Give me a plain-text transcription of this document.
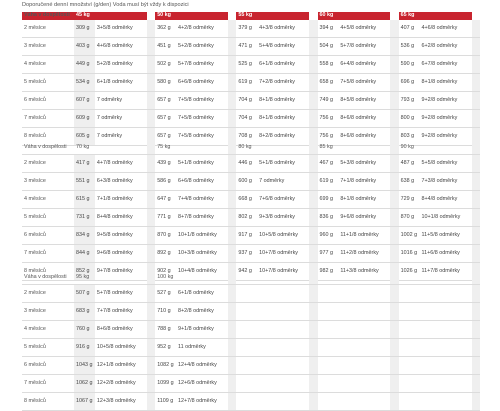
Doporučené denní množství (g/den) Voda musí být vždy k dispozici
Váha v dospělosti	45 kg			50 kg			55 kg			60 kg			65 kg		
2 měsíce	309 g	3+5/8 odměrky		362 g	4+2/8 odměrky		379 g	4+3/8 odměrky		394 g	4+5/8 odměrky		407 g	4+6/8 odměrky	
3 měsíce	403 g	4+6/8 odměrky		451 g	5+2/8 odměrky		471 g	5+4/8 odměrky		504 g	5+7/8 odměrky		536 g	6+2/8 odměrky	
4 měsíce	449 g	5+2/8 odměrky		502 g	5+7/8 odměrky		525 g	6+1/8 odměrky		558 g	6+4/8 odměrky		590 g	6+7/8 odměrky	
5 měsíců	534 g	6+1/8 odměrky		580 g	6+6/8 odměrky		619 g	7+2/8 odměrky		658 g	7+5/8 odměrky		696 g	8+1/8 odměrky	
6 měsíců	607 g	7 odměrky		657 g	7+5/8 odměrky		704 g	8+1/8 odměrky		749 g	8+5/8 odměrky		793 g	9+2/8 odměrky	
7 měsíců	609 g	7 odměrky		657 g	7+5/8 odměrky		704 g	8+1/8 odměrky		756 g	8+6/8 odměrky		800 g	9+2/8 odměrky	
8 měsíců	605 g	7 odměrky		657 g	7+5/8 odměrky		708 g	8+2/8 odměrky		756 g	8+6/8 odměrky		803 g	9+2/8 odměrky	
Váha v dospělosti	70 kg			75 kg			80 kg			85 kg			90 kg		
2 měsíce	417 g	4+7/8 odměrky		439 g	5+1/8 odměrky		446 g	5+1/8 odměrky		467 g	5+3/8 odměrky		487 g	5+5/8 odměrky	
3 měsíce	551 g	6+3/8 odměrky		586 g	6+6/8 odměrky		600 g	7 odměrky		619 g	7+1/8 odměrky		638 g	7+3/8 odměrky	
4 měsíce	615 g	7+1/8 odměrky		647 g	7+4/8 odměrky		668 g	7+6/8 odměrky		699 g	8+1/8 odměrky		729 g	8+4/8 odměrky	
5 měsíců	731 g	8+4/8 odměrky		771 g	8+7/8 odměrky		802 g	9+3/8 odměrky		836 g	9+6/8 odměrky		870 g	10+1/8 odměrky	
6 měsíců	834 g	9+5/8 odměrky		870 g	10+1/8 odměrky		917 g	10+5/8 odměrky		960 g	11+1/8 odměrky		1002 g	11+5/8 odměrky	
7 měsíců	844 g	9+6/8 odměrky		892 g	10+3/8 odměrky		937 g	10+7/8 odměrky		977 g	11+2/8 odměrky		1016 g	11+6/8 odměrky	
8 měsíců	852 g	9+7/8 odměrky		902 g	10+4/8 odměrky		942 g	10+7/8 odměrky		982 g	11+3/8 odměrky		1026 g	11+7/8 odměrky	
Váha v dospělosti	95 kg			100 kg											
2 měsíce	507 g	5+7/8 odměrky		527 g	6+1/8 odměrky										
3 měsíce	683 g	7+7/8 odměrky		710 g	8+2/8 odměrky										
4 měsíce	760 g	8+6/8 odměrky		788 g	9+1/8 odměrky										
5 měsíců	916 g	10+5/8 odměrky		952 g	11 odměrky										
6 měsíců	1043 g	12+1/8 odměrky		1082 g	12+4/8 odměrky										
7 měsíců	1062 g	12+2/8 odměrky		1099 g	12+6/8 odměrky										
8 měsíců	1067 g	12+3/8 odměrky		1109 g	12+7/8 odměrky										
